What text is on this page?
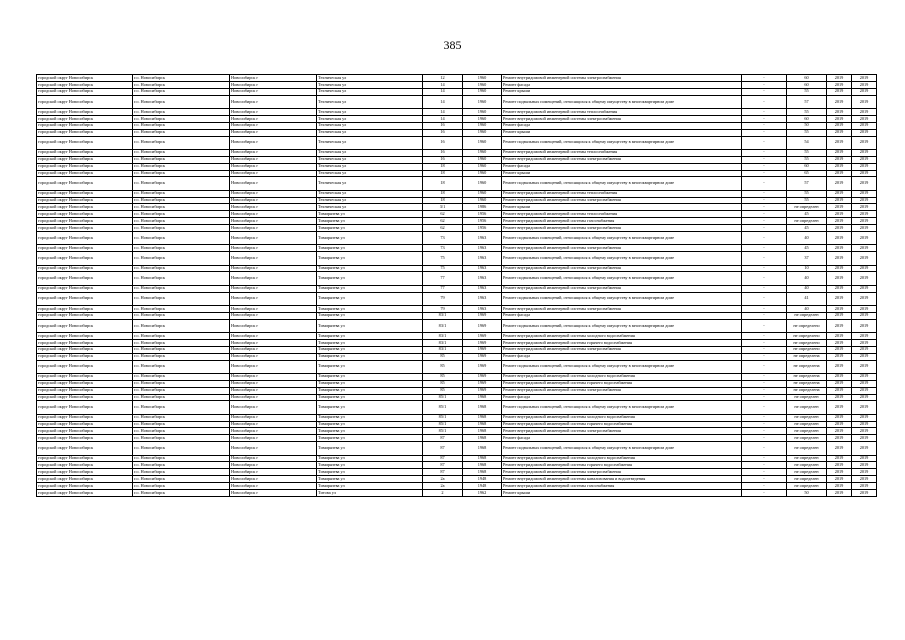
385
городской округ Новосибирск	г.о. Новосибирск	Новосибирск г	Техническая ул	12	1960	Ремонт внутридомовой инженерной системы электроснабжения	-	60	2019	2019
городской округ Новосибирск	г.о. Новосибирск	Новосибирск г	Техническая ул	14	1960	Ремонт фасада	-	60	2019	2019
городской округ Новосибирск	г.о. Новосибирск	Новосибирск г	Техническая ул	14	1960	Ремонт крыши	-	55	2019	2019
городской округ Новосибирск	г.о. Новосибирск	Новосибирск г	Техническая ул	14	1960	Ремонт подвальных помещений, относящихся к общему имуществу в многоквартирном доме	-	57	2019	2019
городской округ Новосибирск	г.о. Новосибирск	Новосибирск г	Техническая ул	14	1960	Ремонт внутридомовой инженерной системы теплоснабжения	-	55	2019	2019
городской округ Новосибирск	г.о. Новосибирск	Новосибирск г	Техническая ул	14	1960	Ремонт внутридомовой инженерной системы электроснабжения	-	60	2019	2019
городской округ Новосибирск	г.о. Новосибирск	Новосибирск г	Техническая ул	16	1960	Ремонт фасада	-	50	2019	2019
городской округ Новосибирск	г.о. Новосибирск	Новосибирск г	Техническая ул	16	1960	Ремонт крыши	-	55	2019	2019
городской округ Новосибирск	г.о. Новосибирск	Новосибирск г	Техническая ул	16	1960	Ремонт подвальных помещений, относящихся к общему имуществу в многоквартирном доме	-	54	2019	2019
городской округ Новосибирск	г.о. Новосибирск	Новосибирск г	Техническая ул	16	1960	Ремонт внутридомовой инженерной системы теплоснабжения	-	55	2019	2019
городской округ Новосибирск	г.о. Новосибирск	Новосибирск г	Техническая ул	16	1960	Ремонт внутридомовой инженерной системы электроснабжения	-	55	2019	2019
городской округ Новосибирск	г.о. Новосибирск	Новосибирск г	Техническая ул	18	1960	Ремонт фасада	-	60	2019	2019
городской округ Новосибирск	г.о. Новосибирск	Новосибирск г	Техническая ул	18	1960	Ремонт крыши	-	65	2019	2019
городской округ Новосибирск	г.о. Новосибирск	Новосибирск г	Техническая ул	18	1960	Ремонт подвальных помещений, относящихся к общему имуществу в многоквартирном доме	-	57	2019	2019
городской округ Новосибирск	г.о. Новосибирск	Новосибирск г	Техническая ул	18	1960	Ремонт внутридомовой инженерной системы теплоснабжения	-	55	2019	2019
городской округ Новосибирск	г.о. Новосибирск	Новосибирск г	Техническая ул	18	1960	Ремонт внутридомовой инженерной системы электроснабжения	-	55	2019	2019
городской округ Новосибирск	г.о. Новосибирск	Новосибирск г	Техническая ул	3/1	1986	Ремонт крыши	-	не определен	2019	2019
городской округ Новосибирск	г.о. Новосибирск	Новосибирск г	Тимирязева ул	62	1956	Ремонт внутридомовой инженерной системы теплоснабжения	-	45	2019	2019
городской округ Новосибирск	г.о. Новосибирск	Новосибирск г	Тимирязева ул	62	1956	Ремонт внутридомовой инженерной системы газоснабжения	-	не определен	2019	2019
городской округ Новосибирск	г.о. Новосибирск	Новосибирск г	Тимирязева ул	62	1956	Ремонт внутридомовой инженерной системы электроснабжения	-	45	2019	2019
городской округ Новосибирск	г.о. Новосибирск	Новосибирск г	Тимирязева ул	73	1963	Ремонт подвальных помещений, относящихся к общему имуществу в многоквартирном доме	-	40	2019	2019
городской округ Новосибирск	г.о. Новосибирск	Новосибирск г	Тимирязева ул	73	1963	Ремонт внутридомовой инженерной системы электроснабжения	-	45	2019	2019
городской округ Новосибирск	г.о. Новосибирск	Новосибирск г	Тимирязева ул	75	1963	Ремонт подвальных помещений, относящихся к общему имуществу в многоквартирном доме	-	37	2019	2019
городской округ Новосибирск	г.о. Новосибирск	Новосибирск г	Тимирязева ул	75	1963	Ремонт внутридомовой инженерной системы электроснабжения	-	10	2019	2019
городской округ Новосибирск	г.о. Новосибирск	Новосибирск г	Тимирязева ул	77	1963	Ремонт подвальных помещений, относящихся к общему имуществу в многоквартирном доме	-	40	2019	2019
городской округ Новосибирск	г.о. Новосибирск	Новосибирск г	Тимирязева ул	77	1963	Ремонт внутридомовой инженерной системы электроснабжения	-	40	2019	2019
городской округ Новосибирск	г.о. Новосибирск	Новосибирск г	Тимирязева ул	79	1963	Ремонт подвальных помещений, относящихся к общему имуществу в многоквартирном доме	-	41	2019	2019
городской округ Новосибирск	г.о. Новосибирск	Новосибирск г	Тимирязева ул	79	1963	Ремонт внутридомовой инженерной системы электроснабжения	-	40	2019	2019
городской округ Новосибирск	г.о. Новосибирск	Новосибирск г	Тимирязева ул	83/1	1969	Ремонт фасада	-	не определен	2019	2019
городской округ Новосибирск	г.о. Новосибирск	Новосибирск г	Тимирязева ул	83/1	1969	Ремонт подвальных помещений, относящихся к общему имуществу в многоквартирном доме	-	не определено	2019	2019
городской округ Новосибирск	г.о. Новосибирск	Новосибирск г	Тимирязева ул	83/1	1969	Ремонт внутридомовой инженерной системы холодного водоснабжения	-	не определено	2019	2019
городской округ Новосибирск	г.о. Новосибирск	Новосибирск г	Тимирязева ул	83/1	1969	Ремонт внутридомовой инженерной системы горячего водоснабжения	-	не определено	2019	2019
городской округ Новосибирск	г.о. Новосибирск	Новосибирск г	Тимирязева ул	83/1	1969	Ремонт внутридомовой инженерной системы электроснабжения	-	не определено	2019	2019
городской округ Новосибирск	г.о. Новосибирск	Новосибирск г	Тимирязева ул	85	1969	Ремонт фасада	-	не определена	2019	2019
городской округ Новосибирск	г.о. Новосибирск	Новосибирск г	Тимирязева ул	85	1969	Ремонт подвальных помещений, относящихся к общему имуществу в многоквартирном доме	-	не определена	2019	2019
городской округ Новосибирск	г.о. Новосибирск	Новосибирск г	Тимирязева ул	85	1969	Ремонт внутридомовой инженерной системы холодного водоснабжения	-	не определена	2019	2019
городской округ Новосибирск	г.о. Новосибирск	Новосибирск г	Тимирязева ул	85	1969	Ремонт внутридомовой инженерной системы горячего водоснабжения	-	не определена	2019	2019
городской округ Новосибирск	г.о. Новосибирск	Новосибирск г	Тимирязева ул	85	1969	Ремонт внутридомовой инженерной системы электроснабжения	-	не определена	2019	2019
городской округ Новосибирск	г.о. Новосибирск	Новосибирск г	Тимирязева ул	85/1	1968	Ремонт фасада	-	не определен	2019	2019
городской округ Новосибирск	г.о. Новосибирск	Новосибирск г	Тимирязева ул	85/1	1968	Ремонт подвальных помещений, относящихся к общему имуществу в многоквартирном доме	-	не определен	2019	2019
городской округ Новосибирск	г.о. Новосибирск	Новосибирск г	Тимирязева ул	85/1	1968	Ремонт внутридомовой инженерной системы холодного водоснабжения	-	не определен	2019	2019
городской округ Новосибирск	г.о. Новосибирск	Новосибирск г	Тимирязева ул	85/1	1968	Ремонт внутридомовой инженерной системы горячего водоснабжения	-	не определен	2019	2019
городской округ Новосибирск	г.о. Новосибирск	Новосибирск г	Тимирязева ул	85/1	1968	Ремонт внутридомовой инженерной системы электроснабжения	-	не определен	2019	2019
городской округ Новосибирск	г.о. Новосибирск	Новосибирск г	Тимирязева ул	87	1968	Ремонт фасада	-	не определен	2019	2019
городской округ Новосибирск	г.о. Новосибирск	Новосибирск г	Тимирязева ул	87	1968	Ремонт подвальных помещений, относящихся к общему имуществу в многоквартирном доме	-	не определен	2019	2019
городской округ Новосибирск	г.о. Новосибирск	Новосибирск г	Тимирязева ул	87	1968	Ремонт внутридомовой инженерной системы холодного водоснабжения	-	не определен	2019	2019
городской округ Новосибирск	г.о. Новосибирск	Новосибирск г	Тимирязева ул	87	1968	Ремонт внутридомовой инженерной системы горячего водоснабжения	-	не определен	2019	2019
городской округ Новосибирск	г.о. Новосибирск	Новосибирск г	Тимирязева ул	87	1968	Ремонт внутридомовой инженерной системы электроснабжения	-	не определен	2019	2019
городской округ Новосибирск	г.о. Новосибирск	Новосибирск г	Тимирязева ул	2а	1948	Ремонт внутридомовой инженерной системы канализования и водоотведения	-	не определен	2019	2019
городской округ Новосибирск	г.о. Новосибирск	Новосибирск г	Тимирязева ул	2а	1948	Ремонт внутридомовой инженерной системы газоснабжения	-	не определен	2019	2019
городской округ Новосибирск	г.о. Новосибирск	Новосибирск г	Титова ул	2	1962	Ремонт крыши	-	50	2019	2019
